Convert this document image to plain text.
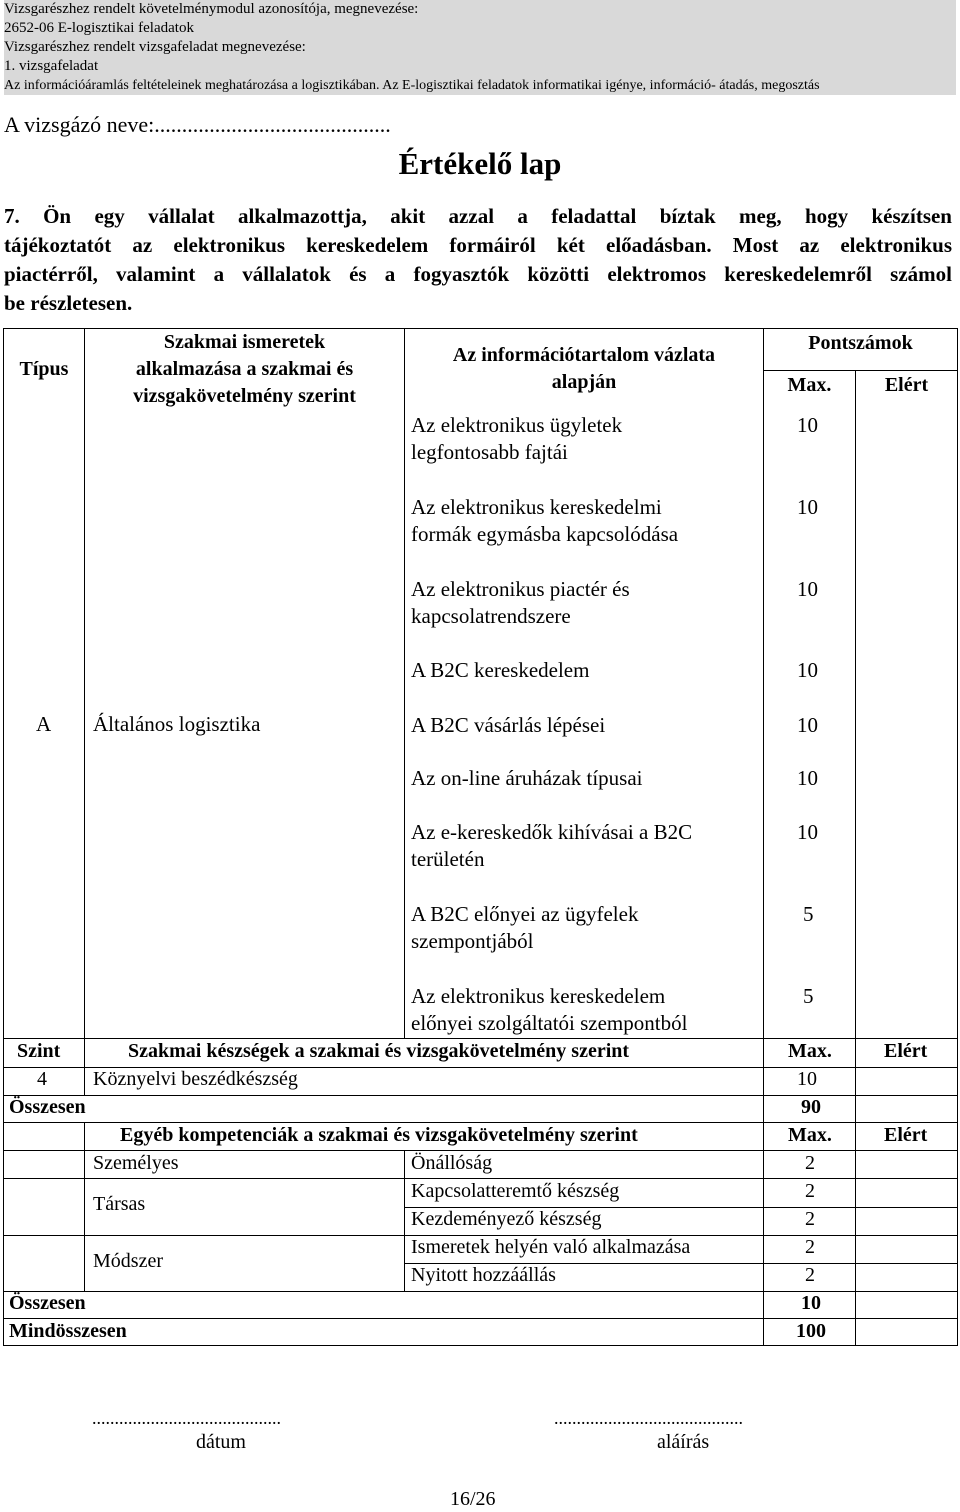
Vizsgarészhez rendelt követelménymodul azonosítója, megnevezése:
2652-06 E-logisztikai feladatok
Vizsgarészhez rendelt vizsgafeladat megnevezése:
1. vizsgafeladat
Az információáramlás feltételeinek meghatározása a logisztikában. Az E-logisztikai feladatok informatikai igénye, információ- átadás, megosztás
A vizsgázó neve:...........................................
Értékelő lap
7. Ön egy vállalat alkalmazottja, akit azzal a feladattal bíztak meg, hogy készítsen
tájékoztatót az elektronikus kereskedelem formáiról két előadásban. Most az elektronikus
piactérről, valamint a vállalatok és a fogyasztók közötti elektromos kereskedelemről számol
be részletesen.
Típus
Szakmai ismeretek
alkalmazása a szakmai és
vizsgakövetelmény szerint
Az információtartalom vázlata
alapján
Pontszámok
Max.	Elért
A Általános logisztika
Az elektronikus ügyletek
legfontosabb fajtái
10
Az elektronikus kereskedelmi
formák egymásba kapcsolódása
10
Az elektronikus piactér és
kapcsolatrendszere
10
A B2C kereskedelem	10
A B2C vásárlás lépései	10
Az on-line áruházak típusai	10
Az e-kereskedők kihívásai a B2C
területén
10
A B2C előnyei az ügyfelek
szempontjából
5
Az elektronikus kereskedelem
előnyei szolgáltatói szempontból
5
Szint	Szakmai készségek a szakmai és vizsgakövetelmény szerint	Max.	Elért
4 Köznyelvi beszédkészség	10
Összesen	90
Egyéb kompetenciák a szakmai és vizsgakövetelmény szerint	Max.	Elért
Személyes	Önállóság	2
Társas
Kapcsolatteremtő készség	2
Kezdeményező készség	2
Módszer
Ismeretek helyén való alkalmazása	2
Nyitott hozzáállás	2
Összesen	10
Mindösszesen	100
..........................................	..........................................
dátum	aláírás
16/26
